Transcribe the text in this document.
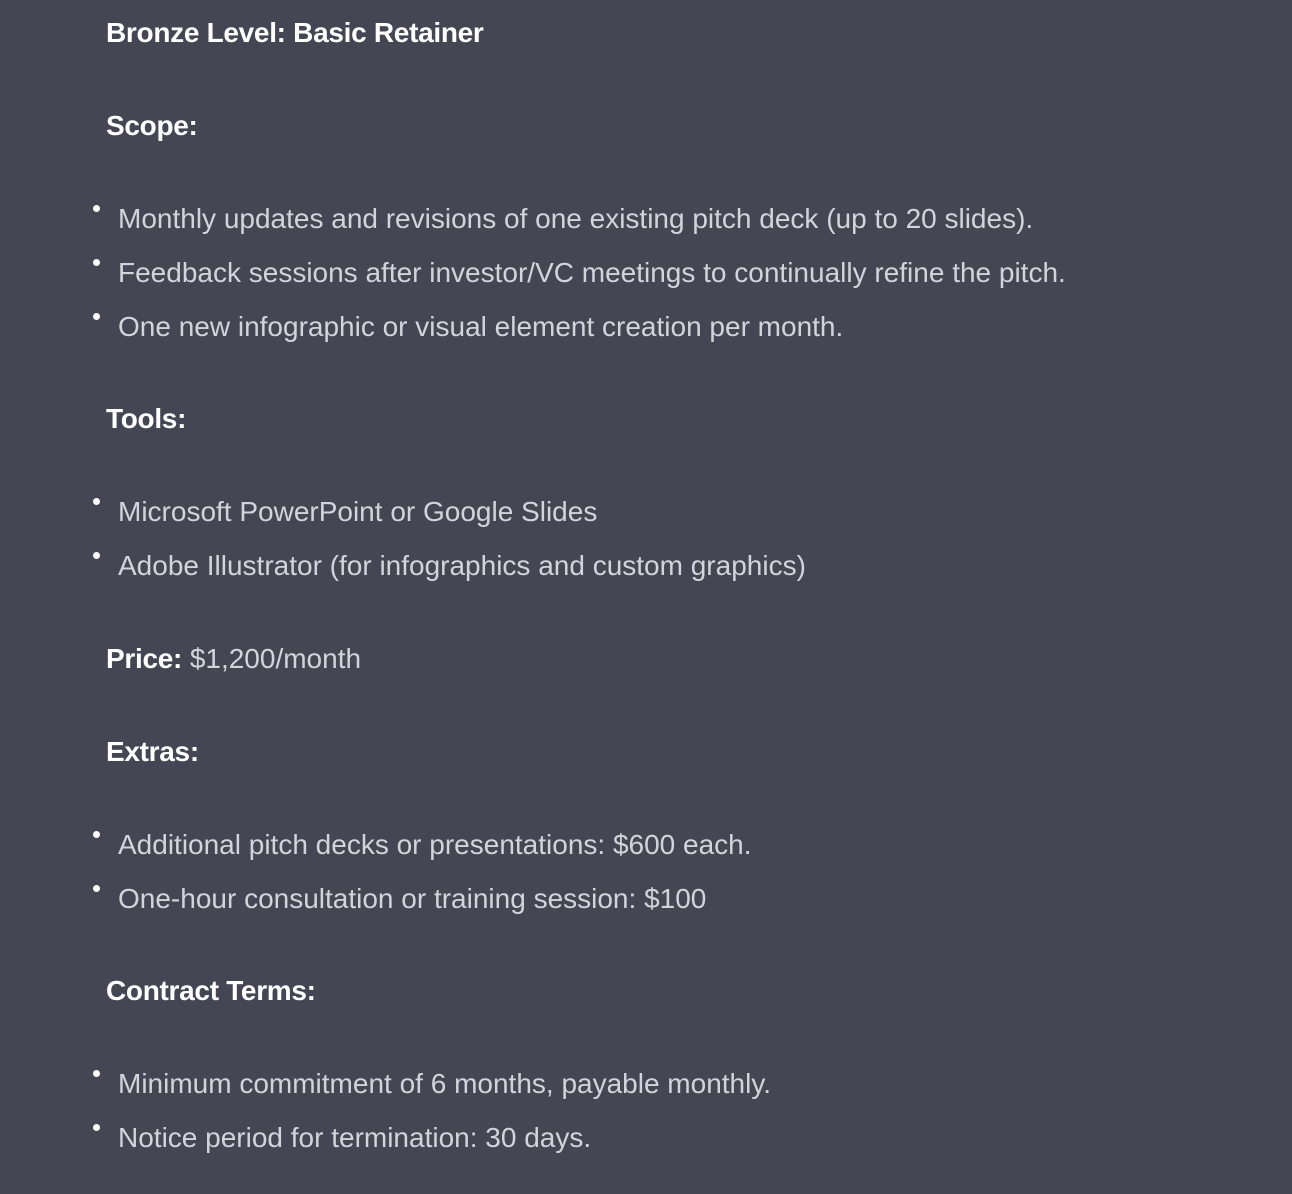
Bronze Level: Basic Retainer
Scope:
Monthly updates and revisions of one existing pitch deck (up to 20 slides).
Feedback sessions after investor/VC meetings to continually refine the pitch.
One new infographic or visual element creation per month.
Tools:
Microsoft PowerPoint or Google Slides
Adobe Illustrator (for infographics and custom graphics)
Price: $1,200/month
Extras:
Additional pitch decks or presentations: $600 each.
One-hour consultation or training session: $100
Contract Terms:
Minimum commitment of 6 months, payable monthly.
Notice period for termination: 30 days.
